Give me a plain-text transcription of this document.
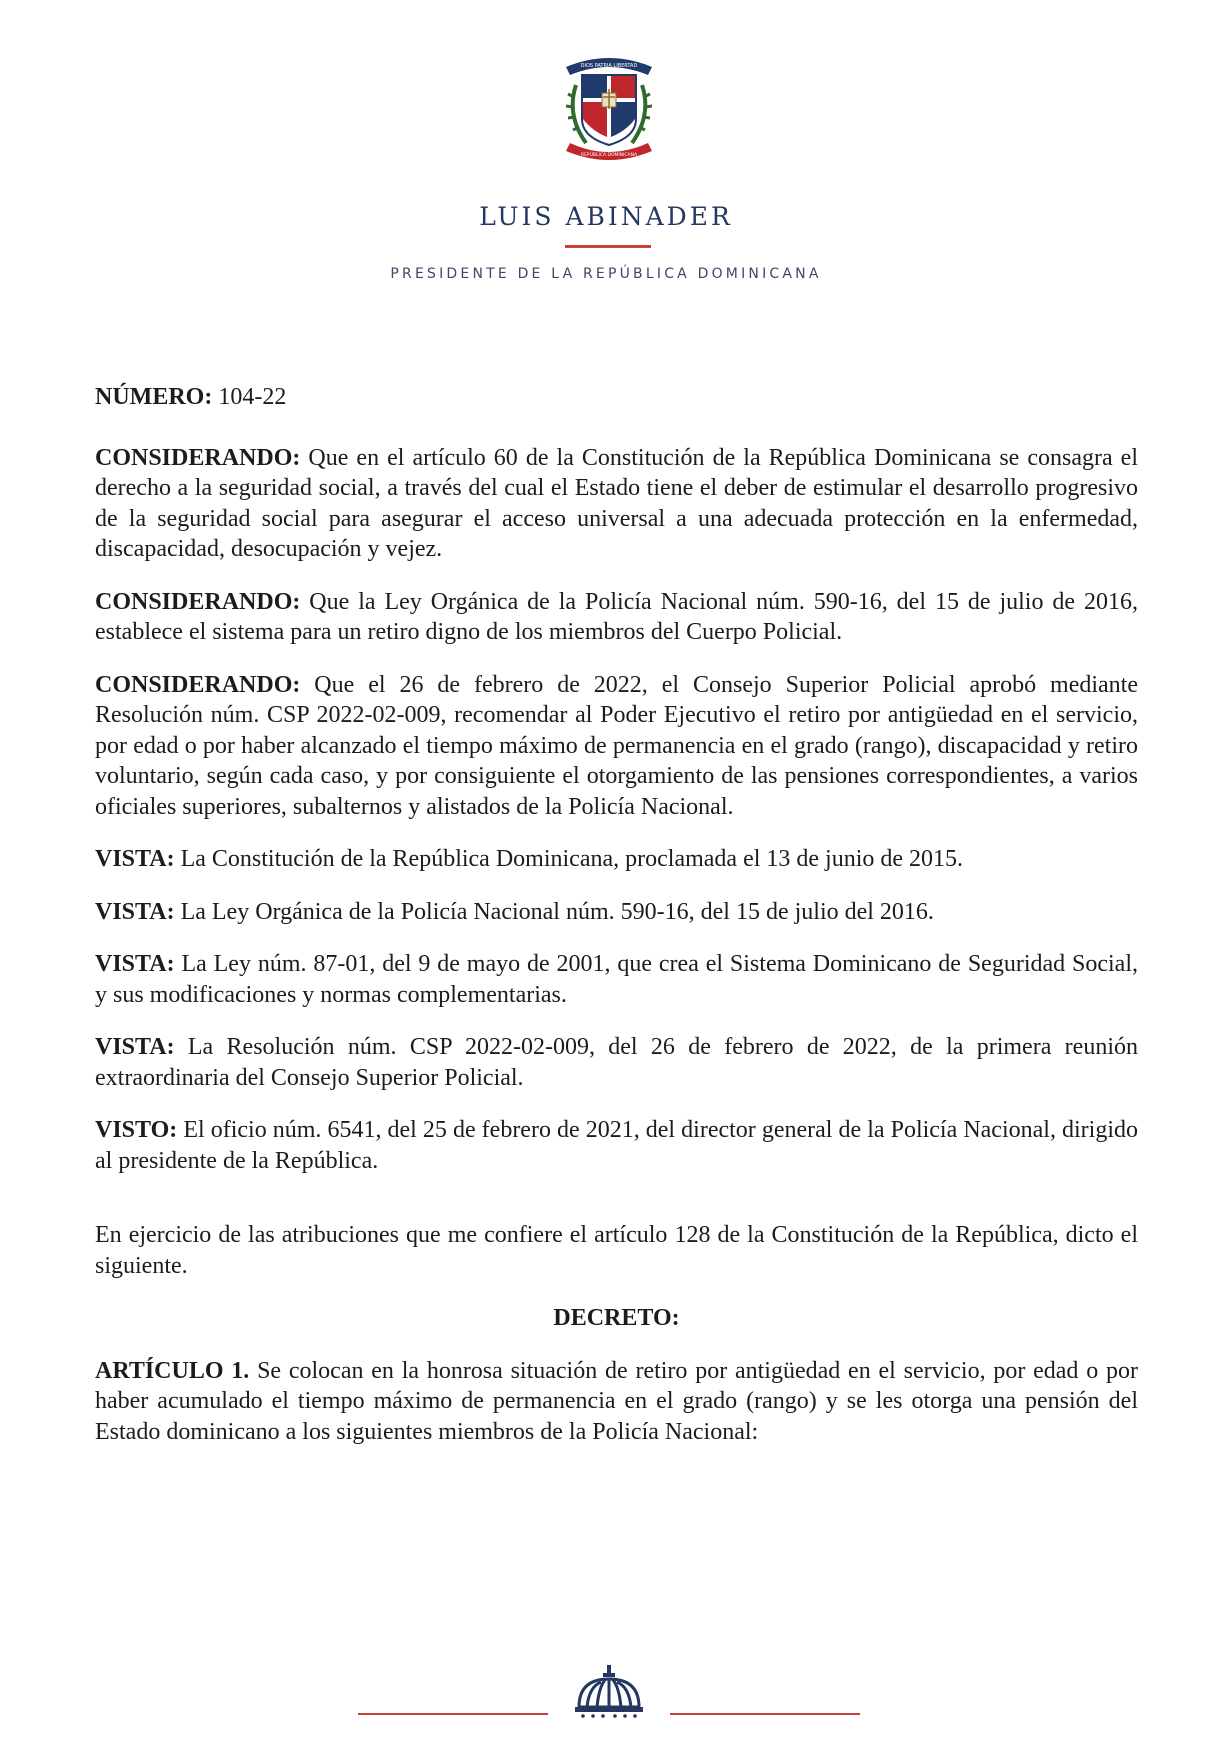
DIOS PATRIA LIBERTAD
REPÚBLICA DOMINICANA
LUIS ABINADER
PRESIDENTE DE LA REPÚBLICA DOMINICANA

NÚMERO: 104-22

CONSIDERANDO: Que en el artículo 60 de la Constitución de la República Dominicana se consagra el derecho a la seguridad social, a través del cual el Estado tiene el deber de estimular el desarrollo progresivo de la seguridad social para asegurar el acceso universal a una adecuada protección en la enfermedad, discapacidad, desocupación y vejez.

CONSIDERANDO: Que la Ley Orgánica de la Policía Nacional núm. 590-16, del 15 de julio de 2016, establece el sistema para un retiro digno de los miembros del Cuerpo Policial.

CONSIDERANDO: Que el 26 de febrero de 2022, el Consejo Superior Policial aprobó mediante Resolución núm. CSP 2022-02-009, recomendar al Poder Ejecutivo el retiro por antigüedad en el servicio, por edad o por haber alcanzado el tiempo máximo de permanencia en el grado (rango), discapacidad y retiro voluntario, según cada caso, y por consiguiente el otorgamiento de las pensiones correspondientes, a varios oficiales superiores, subalternos y alistados de la Policía Nacional.

VISTA: La Constitución de la República Dominicana, proclamada el 13 de junio de 2015.

VISTA: La Ley Orgánica de la Policía Nacional núm. 590-16, del 15 de julio del 2016.

VISTA: La Ley núm. 87-01, del 9 de mayo de 2001, que crea el Sistema Dominicano de Seguridad Social, y sus modificaciones y normas complementarias.

VISTA: La Resolución núm. CSP 2022-02-009, del 26 de febrero de 2022, de la primera reunión extraordinaria del Consejo Superior Policial.

VISTO: El oficio núm. 6541, del 25 de febrero de 2021, del director general de la Policía Nacional, dirigido al presidente de la República.

En ejercicio de las atribuciones que me confiere el artículo 128 de la Constitución de la República, dicto el siguiente.

DECRETO:

ARTÍCULO 1. Se colocan en la honrosa situación de retiro por antigüedad en el servicio, por edad o por haber acumulado el tiempo máximo de permanencia en el grado (rango) y se les otorga una pensión del Estado dominicano a los siguientes miembros de la Policía Nacional:
